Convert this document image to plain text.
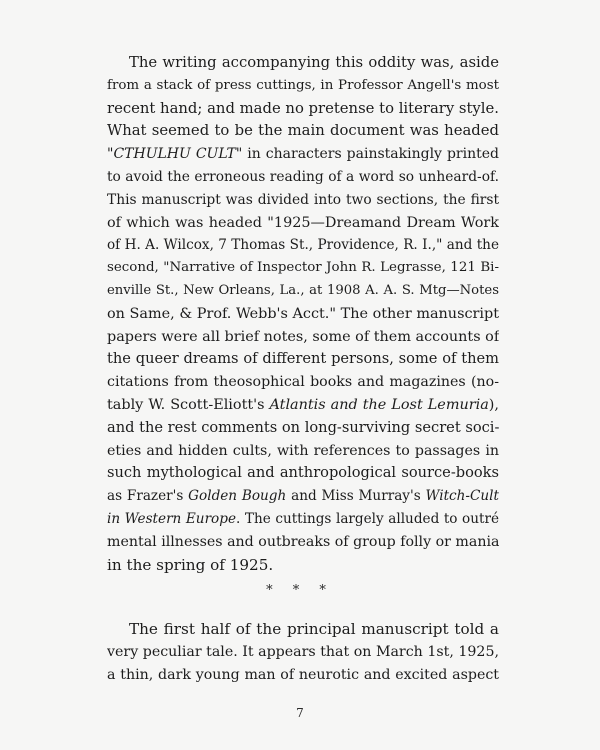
The writing accompanying this oddity was, aside
from a stack of press cuttings, in Professor Angell's most
recent hand; and made no pretense to literary style.
What seemed to be the main document was headed
"CTHULHU CULT" in characters painstakingly printed
to avoid the erroneous reading of a word so unheard-of.
This manuscript was divided into two sections, the first
of which was headed "1925—Dreamand Dream Work
of H. A. Wilcox, 7 Thomas St., Providence, R. I.," and the
second, "Narrative of Inspector John R. Legrasse, 121 Bi-
enville St., New Orleans, La., at 1908 A. A. S. Mtg—Notes
on Same, & Prof. Webb's Acct." The other manuscript
papers were all brief notes, some of them accounts of
the queer dreams of different persons, some of them
citations from theosophical books and magazines (no-
tably W. Scott-Eliott's Atlantis and the Lost Lemuria),
and the rest comments on long-surviving secret soci-
eties and hidden cults, with references to passages in
such mythological and anthropological source-books
as Frazer's Golden Bough and Miss Murray's Witch-Cult
in Western Europe. The cuttings largely alluded to outré
mental illnesses and outbreaks of group folly or mania
in the spring of 1925.
* * *
The first half of the principal manuscript told a
very peculiar tale. It appears that on March 1st, 1925,
a thin, dark young man of neurotic and excited aspect
7
